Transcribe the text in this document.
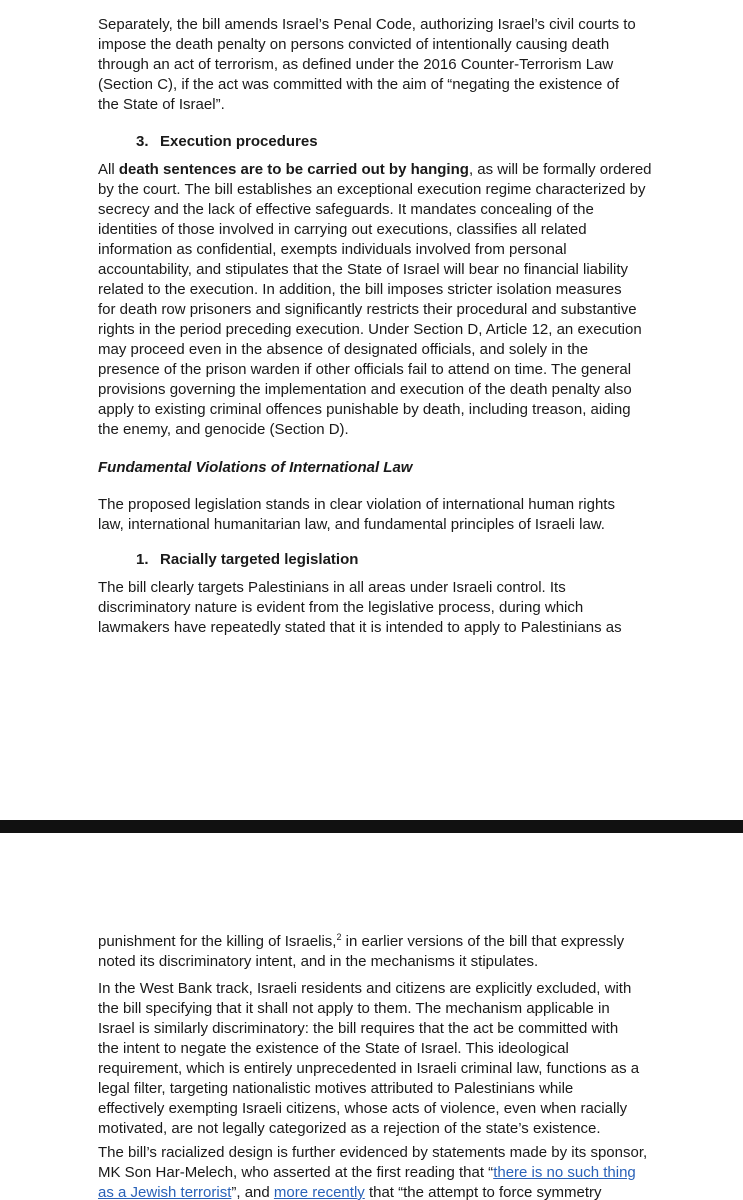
Separately, the bill amends Israel’s Penal Code, authorizing Israel’s civil courts to
impose the death penalty on persons convicted of intentionally causing death
through an act of terrorism, as defined under the 2016 Counter-Terrorism Law
(Section C), if the act was committed with the aim of “negating the existence of
the State of Israel”.
3. Execution procedures
All death sentences are to be carried out by hanging, as will be formally ordered
by the court. The bill establishes an exceptional execution regime characterized by
secrecy and the lack of effective safeguards. It mandates concealing of the
identities of those involved in carrying out executions, classifies all related
information as confidential, exempts individuals involved from personal
accountability, and stipulates that the State of Israel will bear no financial liability
related to the execution. In addition, the bill imposes stricter isolation measures
for death row prisoners and significantly restricts their procedural and substantive
rights in the period preceding execution. Under Section D, Article 12, an execution
may proceed even in the absence of designated officials, and solely in the
presence of the prison warden if other officials fail to attend on time. The general
provisions governing the implementation and execution of the death penalty also
apply to existing criminal offences punishable by death, including treason, aiding
the enemy, and genocide (Section D).
Fundamental Violations of International Law
The proposed legislation stands in clear violation of international human rights
law, international humanitarian law, and fundamental principles of Israeli law.
1. Racially targeted legislation
The bill clearly targets Palestinians in all areas under Israeli control. Its
discriminatory nature is evident from the legislative process, during which
lawmakers have repeatedly stated that it is intended to apply to Palestinians as
punishment for the killing of Israelis,$^2$ in earlier versions of the bill that expressly
noted its discriminatory intent, and in the mechanisms it stipulates.
In the West Bank track, Israeli residents and citizens are explicitly excluded, with
the bill specifying that it shall not apply to them. The mechanism applicable in
Israel is similarly discriminatory: the bill requires that the act be committed with
the intent to negate the existence of the State of Israel. This ideological
requirement, which is entirely unprecedented in Israeli criminal law, functions as a
legal filter, targeting nationalistic motives attributed to Palestinians while
effectively exempting Israeli citizens, whose acts of violence, even when racially
motivated, are not legally categorized as a rejection of the state’s existence.
The bill’s racialized design is further evidenced by statements made by its sponsor,
MK Son Har-Melech, who asserted at the first reading that “there is no such thing
as a Jewish terrorist”, and more recently that “the attempt to force symmetry
